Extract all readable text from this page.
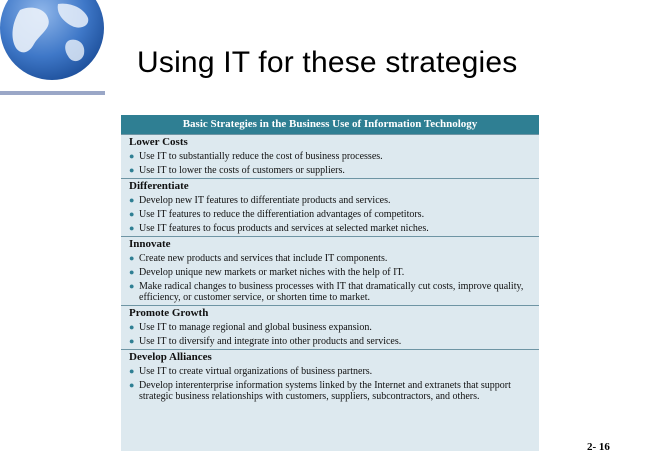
Using IT for these strategies
Basic Strategies in the Business Use of Information Technology
Lower Costs
● Use IT to substantially reduce the cost of business processes.
● Use IT to lower the costs of customers or suppliers.
Differentiate
● Develop new IT features to differentiate products and services.
● Use IT features to reduce the differentiation advantages of competitors.
● Use IT features to focus products and services at selected market niches.
Innovate
● Create new products and services that include IT components.
● Develop unique new markets or market niches with the help of IT.
● Make radical changes to business processes with IT that dramatically cut costs, improve quality, efficiency, or customer service, or shorten time to market.
Promote Growth
● Use IT to manage regional and global business expansion.
● Use IT to diversify and integrate into other products and services.
Develop Alliances
● Use IT to create virtual organizations of business partners.
● Develop interenterprise information systems linked by the Internet and extranets that support strategic business relationships with customers, suppliers, subcontractors, and others.
2- 16
